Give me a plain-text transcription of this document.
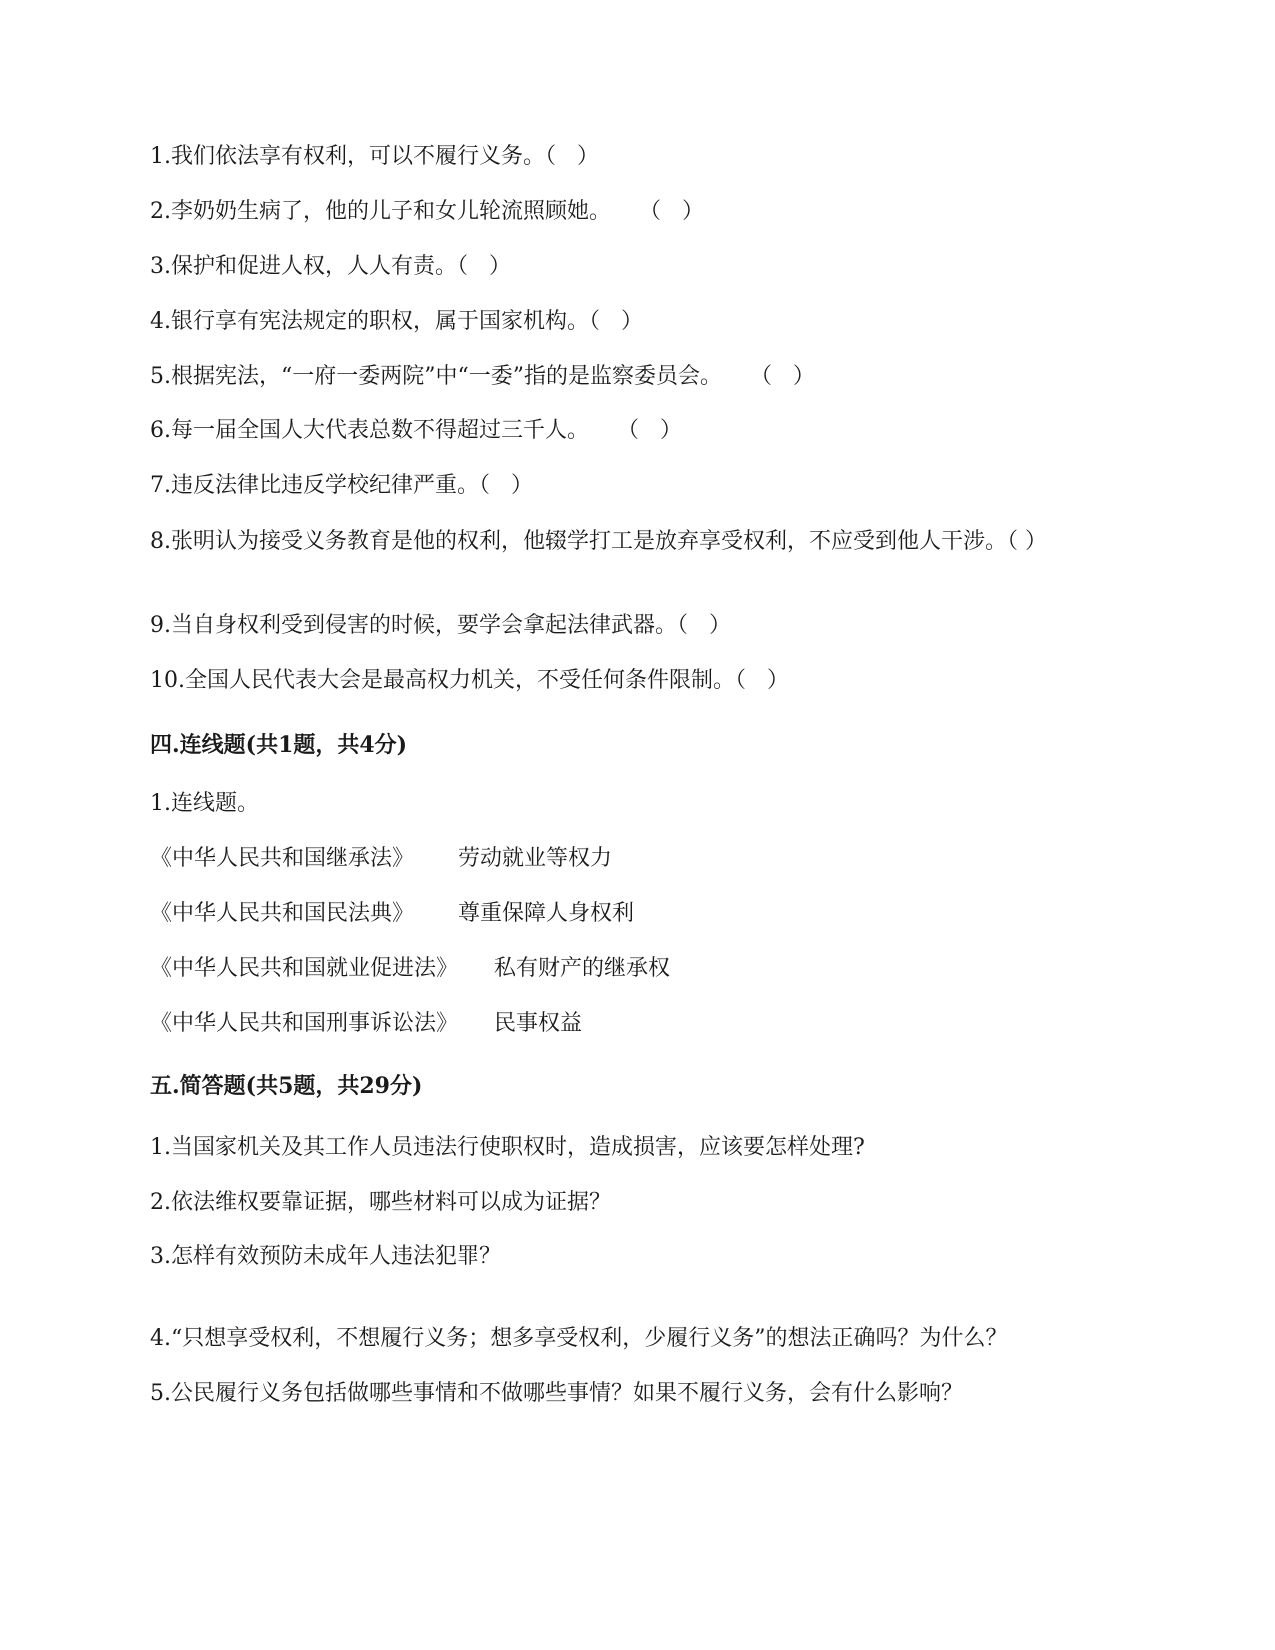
1.我们依法享有权利，可以不履行义务。（   ）

2.李奶奶生病了，他的儿子和女儿轮流照顾她。    （   ）

3.保护和促进人权，人人有责。（   ）

4.银行享有宪法规定的职权，属于国家机构。（   ）

5.根据宪法，“一府一委两院”中“一委”指的是监察委员会。    （   ）

6.每一届全国人大代表总数不得超过三千人。    （   ）

7.违反法律比违反学校纪律严重。（   ）

8.张明认为接受义务教育是他的权利，他辍学打工是放弃享受权利，不应受到他人干涉。（ ）

9.当自身权利受到侵害的时候，要学会拿起法律武器。（   ）

10.全国人民代表大会是最高权力机关，不受任何条件限制。（   ）

四.连线题(共1题，共4分)

1.连线题。

《中华人民共和国继承法》 劳动就业等权力
《中华人民共和国民法典》 尊重保障人身权利
《中华人民共和国就业促进法》 私有财产的继承权
《中华人民共和国刑事诉讼法》 民事权益

五.简答题(共5题，共29分)

1.当国家机关及其工作人员违法行使职权时，造成损害，应该要怎样处理?

2.依法维权要靠证据，哪些材料可以成为证据？

3.怎样有效预防未成年人违法犯罪？

4.“只想享受权利，不想履行义务；想多享受权利，少履行义务”的想法正确吗？为什么？

5.公民履行义务包括做哪些事情和不做哪些事情？如果不履行义务，会有什么影响？
